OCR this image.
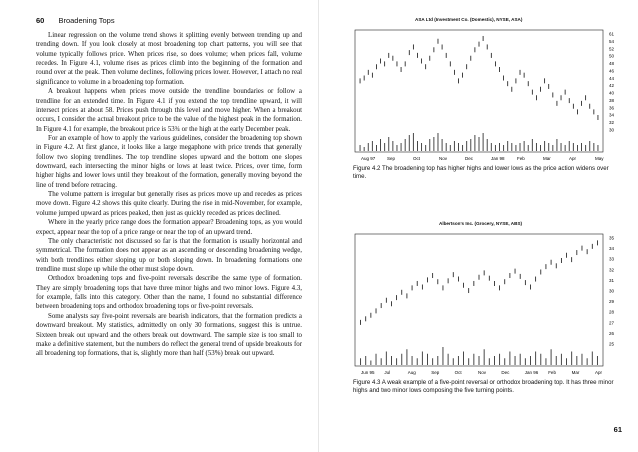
60 Broadening Tops

Linear regression on the volume trend shows it splitting evenly between trending up and trending down. If you look closely at most broadening top chart patterns, you will see that volume typically follows price. When prices rise, so does volume; when prices fall, volume recedes. In Figure 4.1, volume rises as prices climb into the beginning of the formation and round over at the peak. Then volume declines, following prices lower. However, I attach no real significance to volume in a broadening top formation.

A breakout happens when prices move outside the trendline boundaries or follow a trendline for an extended time. In Figure 4.1 if you extend the top trendline upward, it will intersect prices at about 58. Prices push through this level and move higher. When a breakout occurs, I consider the actual breakout price to be the value of the highest peak in the formation. In Figure 4.1 for example, the breakout price is 53¾ or the high at the early December peak.

For an example of how to apply the various guidelines, consider the broadening top shown in Figure 4.2. At first glance, it looks like a large megaphone with price trends that generally follow two sloping trendlines. The top trendline slopes upward and the bottom one slopes downward, each intersecting the minor highs or lows at least twice. Prices, over time, form higher highs and lower lows until they breakout of the formation, generally moving beyond the line of trend before retracing.

The volume pattern is irregular but generally rises as prices move up and recedes as prices move down. Figure 4.2 shows this quite clearly. During the rise in mid-November, for example, volume jumped upward as prices peaked, then just as quickly receded as prices declined.

Where in the yearly price range does the formation appear? Broadening tops, as you would expect, appear near the top of a price range or near the top of an upward trend.

The only characteristic not discussed so far is that the formation is usually horizontal and symmetrical. The formation does not appear as an ascending or descending broadening wedge, with both trendlines either sloping up or both sloping down. In broadening formations one trendline must slope up while the other must slope down.

Orthodox broadening tops and five-point reversals describe the same type of formation. They are simply broadening tops that have three minor highs and two minor lows. Figure 4.3, for example, falls into this category. Other than the name, I found no substantial difference between broadening tops and orthodox broadening tops or five-point reversals.

Some analysts say five-point reversals are bearish indicators, that the formation predicts a downward breakout. My statistics, admittedly on only 30 formations, suggest this is untrue. Sixteen break out upward and the others break out downward. The sample size is too small to make a definitive statement, but the numbers do reflect the general trend of upside breakouts for all broadening top formations, that is, slightly more than half (53%) break out upward.

ASA Ltd (Investment Co. (Domestic), NYSE, ASA)
61
54
52
50
48
46
44
42
40
38
36
34
32
30
Aug 97	Sep	Oct	Nov	Dec	Jan 98	Feb	Mar	Apr	May
Figure 4.2 The broadening top has higher highs and lower lows as the price action widens over time.
Albertson's Inc. (Grocery, NYSE, ABS)
35
34
33
32
31
30
29
28
27
26
25
Jun 95 Jul	Aug	Sep	Oct	Nov	Dec	Jan 96 Feb	Mar	Apr
Figure 4.3 A weak example of a five-point reversal or orthodox broadening top. It has three minor highs and two minor lows composing the five turning points.
61
